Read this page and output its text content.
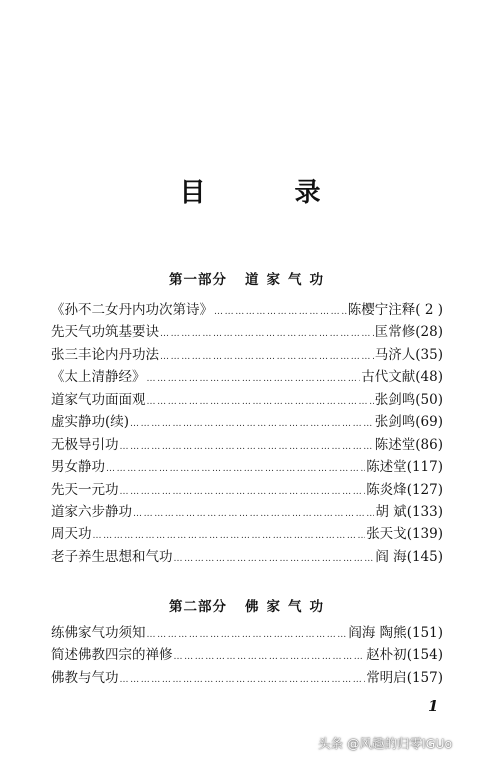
目 录
第一部分 道家气功
《孙不二女丹内功次第诗》 ……………………………………………………………………………………………………………………	陈樱宁注释 ( 2 )
先天气功筑基要诀 ……………………………………………………………………………………………………………………	匡常修 (28)
张三丰论内丹功法 ……………………………………………………………………………………………………………………	马济人 (35)
《太上清静经》 ……………………………………………………………………………………………………………………	古代文献 (48)
道家气功面面观 ……………………………………………………………………………………………………………………	张剑鸣 (50)
虚实静功(续) ……………………………………………………………………………………………………………………	张剑鸣 (69)
无极导引功 ……………………………………………………………………………………………………………………	陈述堂 (86)
男女静功 ……………………………………………………………………………………………………………………	陈述堂 (117)
先天一元功 ……………………………………………………………………………………………………………………	陈炎烽 (127)
道家六步静功 ……………………………………………………………………………………………………………………	胡 斌 (133)
周天功 ……………………………………………………………………………………………………………………	张天戈 (139)
老子养生思想和气功 ……………………………………………………………………………………………………………………	阎 海 (145)
第二部分 佛家气功
练佛家气功须知 ……………………………………………………………………………………………………………………	阎海 陶熊 (151)
简述佛教四宗的禅修 ……………………………………………………………………………………………………………………	赵朴初 (154)
佛教与气功 ……………………………………………………………………………………………………………………	常明启 (157)
1
头条 @风趣的归零IGUo
